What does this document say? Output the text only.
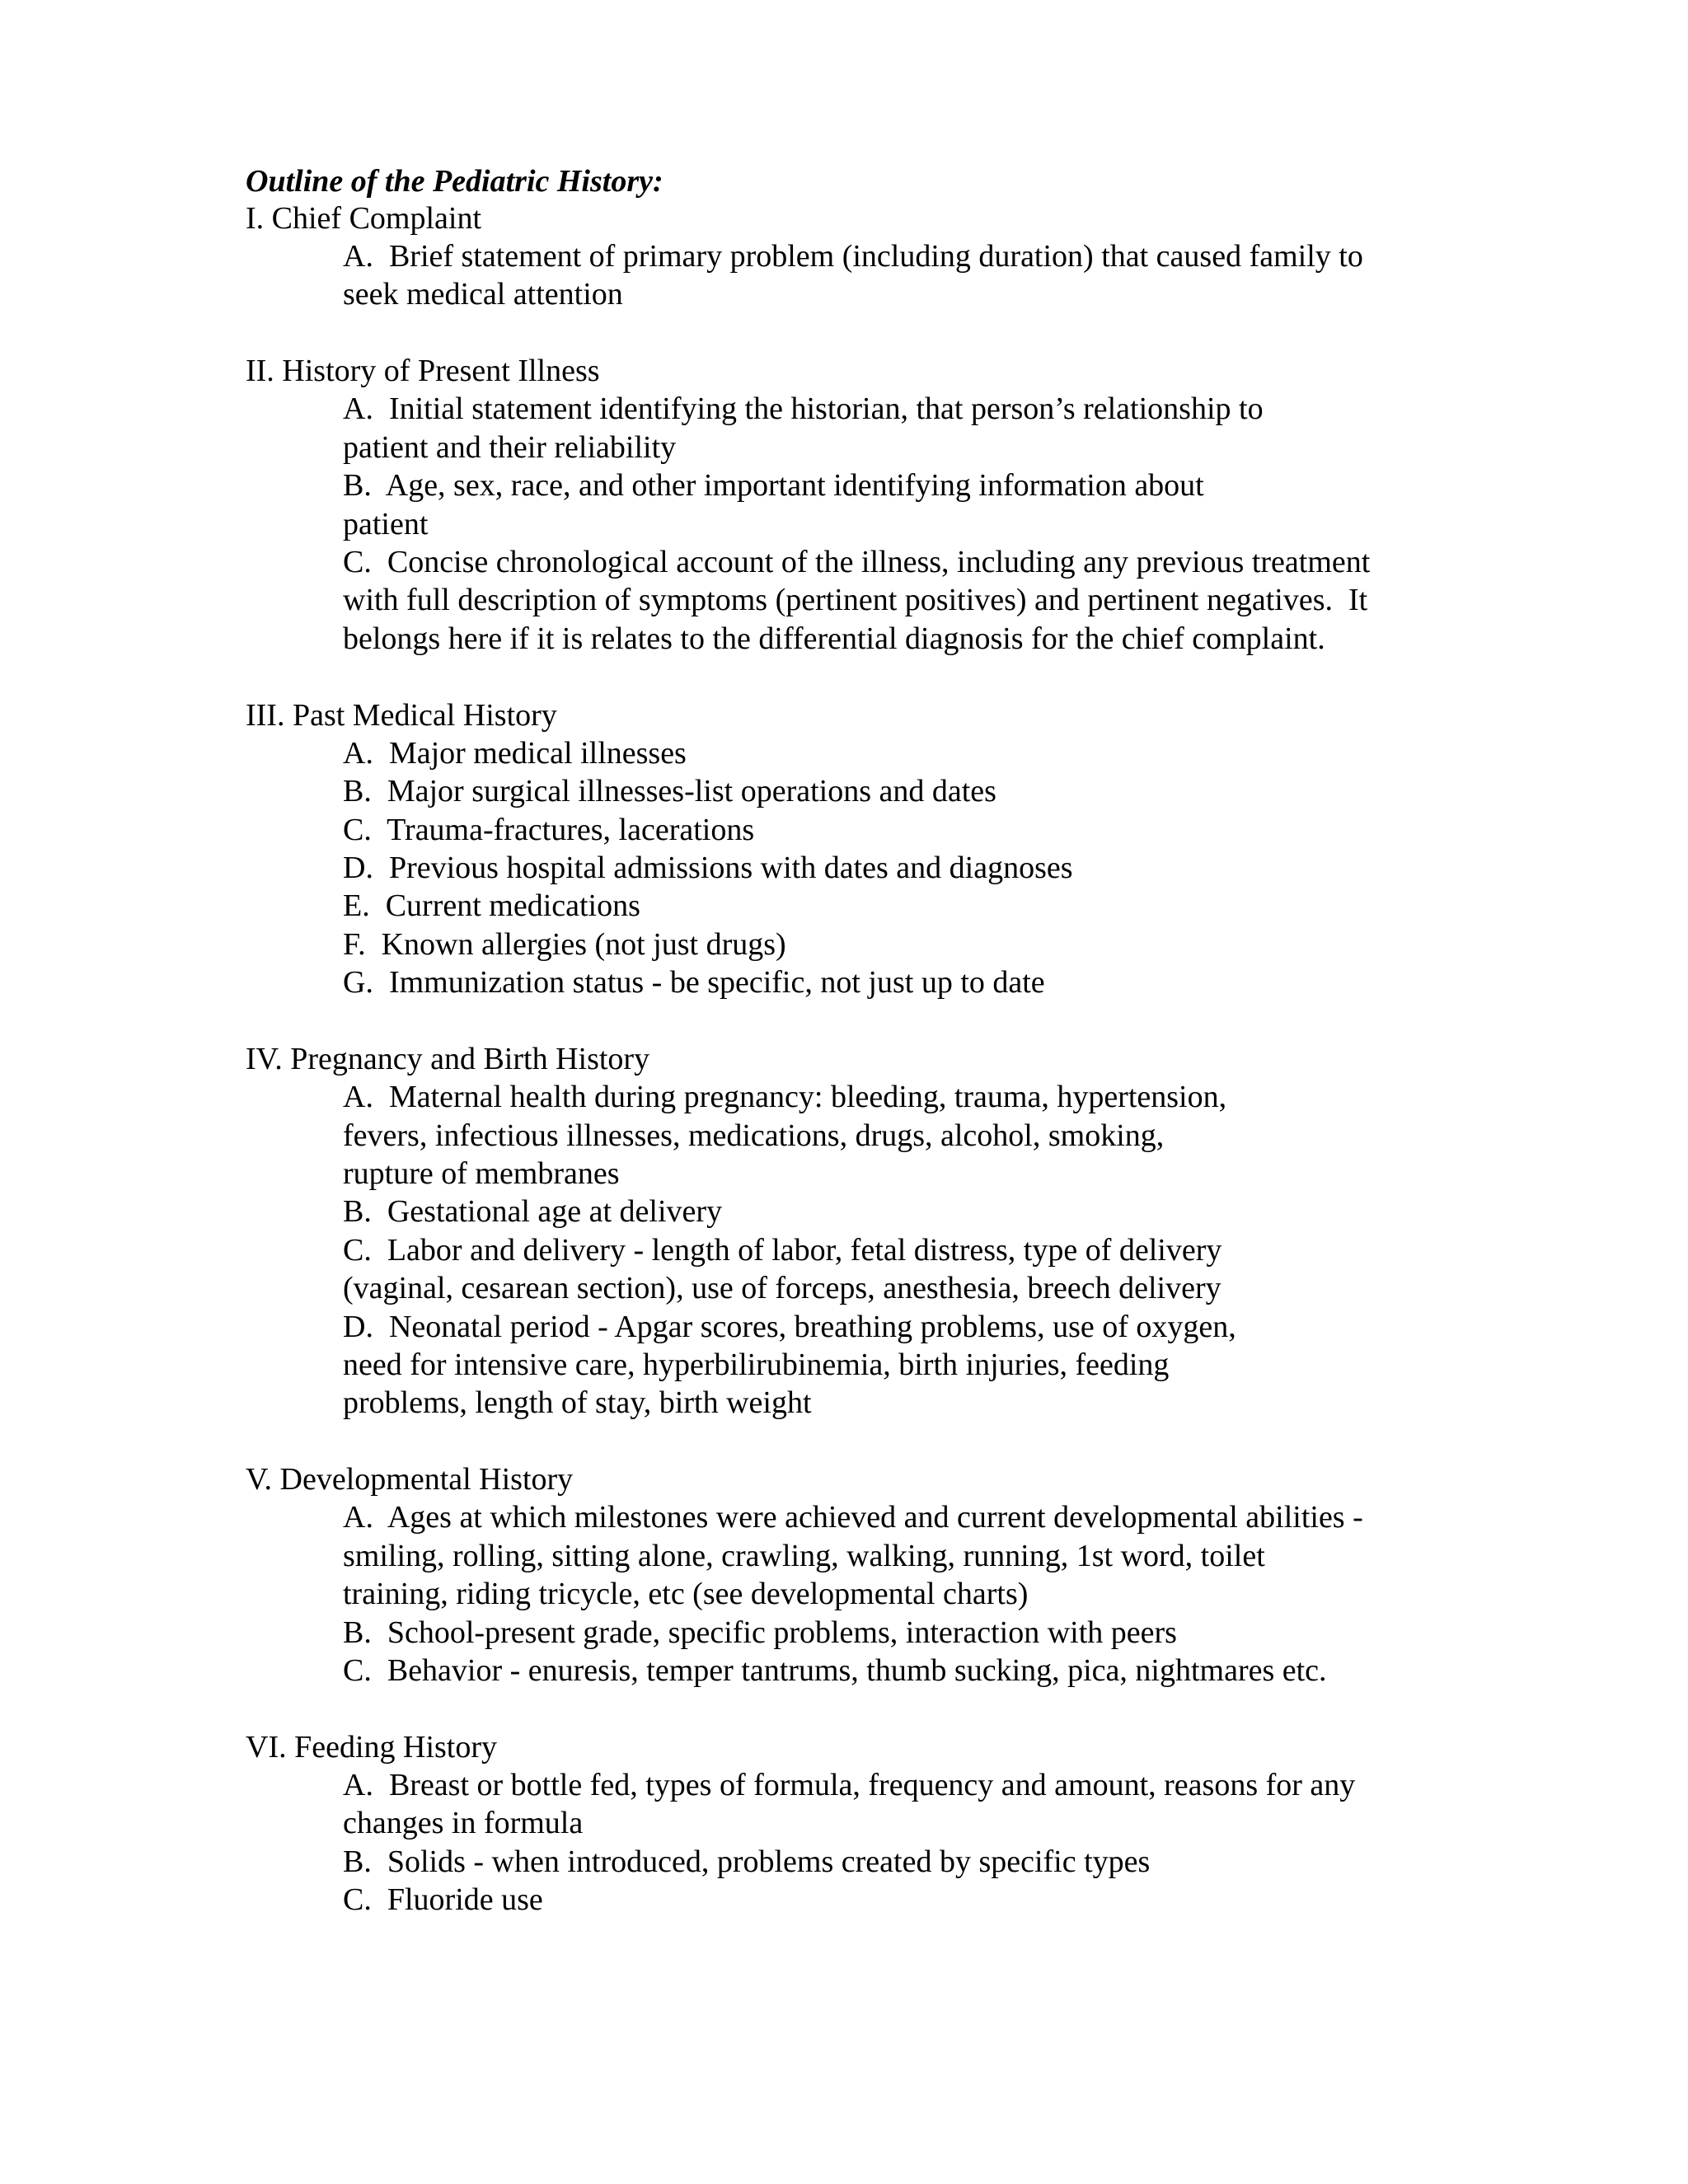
Outline of the Pediatric History:
I. Chief Complaint
A.  Brief statement of primary problem (including duration) that caused family to
seek medical attention
II. History of Present Illness
A.  Initial statement identifying the historian, that person’s relationship to
patient and their reliability
B.  Age, sex, race, and other important identifying information about
patient
C.  Concise chronological account of the illness, including any previous treatment
with full description of symptoms (pertinent positives) and pertinent negatives.  It
belongs here if it is relates to the differential diagnosis for the chief complaint.
III. Past Medical History
A.  Major medical illnesses
B.  Major surgical illnesses-list operations and dates
C.  Trauma-fractures, lacerations
D.  Previous hospital admissions with dates and diagnoses
E.  Current medications
F.  Known allergies (not just drugs)
G.  Immunization status - be specific, not just up to date
IV. Pregnancy and Birth History
A.  Maternal health during pregnancy: bleeding, trauma, hypertension,
fevers, infectious illnesses, medications, drugs, alcohol, smoking,
rupture of membranes
B.  Gestational age at delivery
C.  Labor and delivery - length of labor, fetal distress, type of delivery
(vaginal, cesarean section), use of forceps, anesthesia, breech delivery
D.  Neonatal period - Apgar scores, breathing problems, use of oxygen,
need for intensive care, hyperbilirubinemia, birth injuries, feeding
problems, length of stay, birth weight
V. Developmental History
A.  Ages at which milestones were achieved and current developmental abilities -
smiling, rolling, sitting alone, crawling, walking, running, 1st word, toilet
training, riding tricycle, etc (see developmental charts)
B.  School-present grade, specific problems, interaction with peers
C.  Behavior - enuresis, temper tantrums, thumb sucking, pica, nightmares etc.
VI. Feeding History
A.  Breast or bottle fed, types of formula, frequency and amount, reasons for any
changes in formula
B.  Solids - when introduced, problems created by specific types
C.  Fluoride use
